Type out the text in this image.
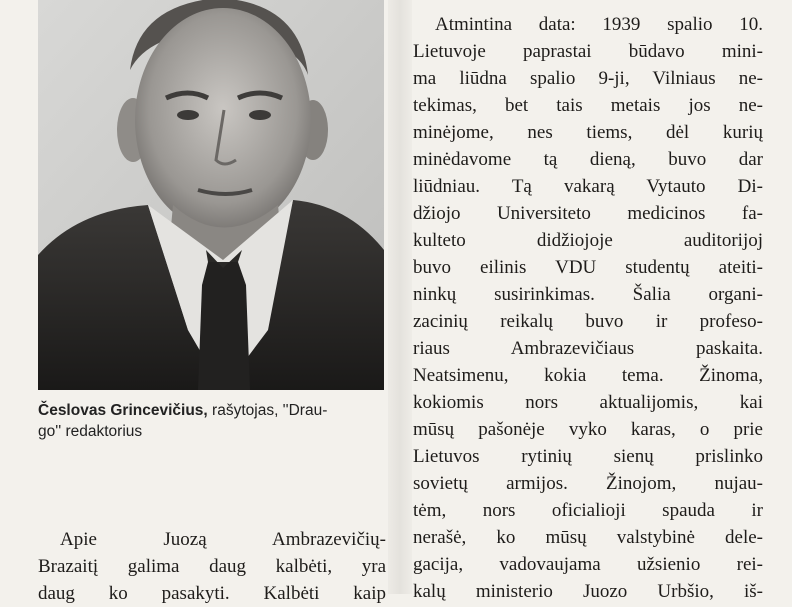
Česlovas Grincevičius, rašytojas, ''Drau-
go'' redaktorius
Apie Juozą Ambrazevičių-
Brazaitį galima daug kalbėti, yra
daug ko pasakyti. Kalbėti kaip
Atmintina data: 1939 spalio 10.
Lietuvoje paprastai būdavo mini-
ma liūdna spalio 9-ji, Vilniaus ne-
tekimas, bet tais metais jos ne-
minėjome, nes tiems, dėl kurių
minėdavome tą dieną, buvo dar
liūdniau. Tą vakarą Vytauto Di-
džiojo Universiteto medicinos fa-
kulteto didžiojoje auditorijoj
buvo eilinis VDU studentų ateiti-
ninkų susirinkimas. Šalia organi-
zacinių reikalų buvo ir profeso-
riaus Ambrazevičiaus paskaita.
Neatsimenu, kokia tema. Žinoma,
kokiomis nors aktualijomis, kai
mūsų pašonėje vyko karas, o prie
Lietuvos rytinių sienų prislinko
sovietų armijos. Žinojom, nujau-
tėm, nors oficialioji spauda ir
nerašė, ko mūsų valstybinė dele-
gacija, vadovaujama užsienio rei-
kalų ministerio Juozo Urbšio, iš-
